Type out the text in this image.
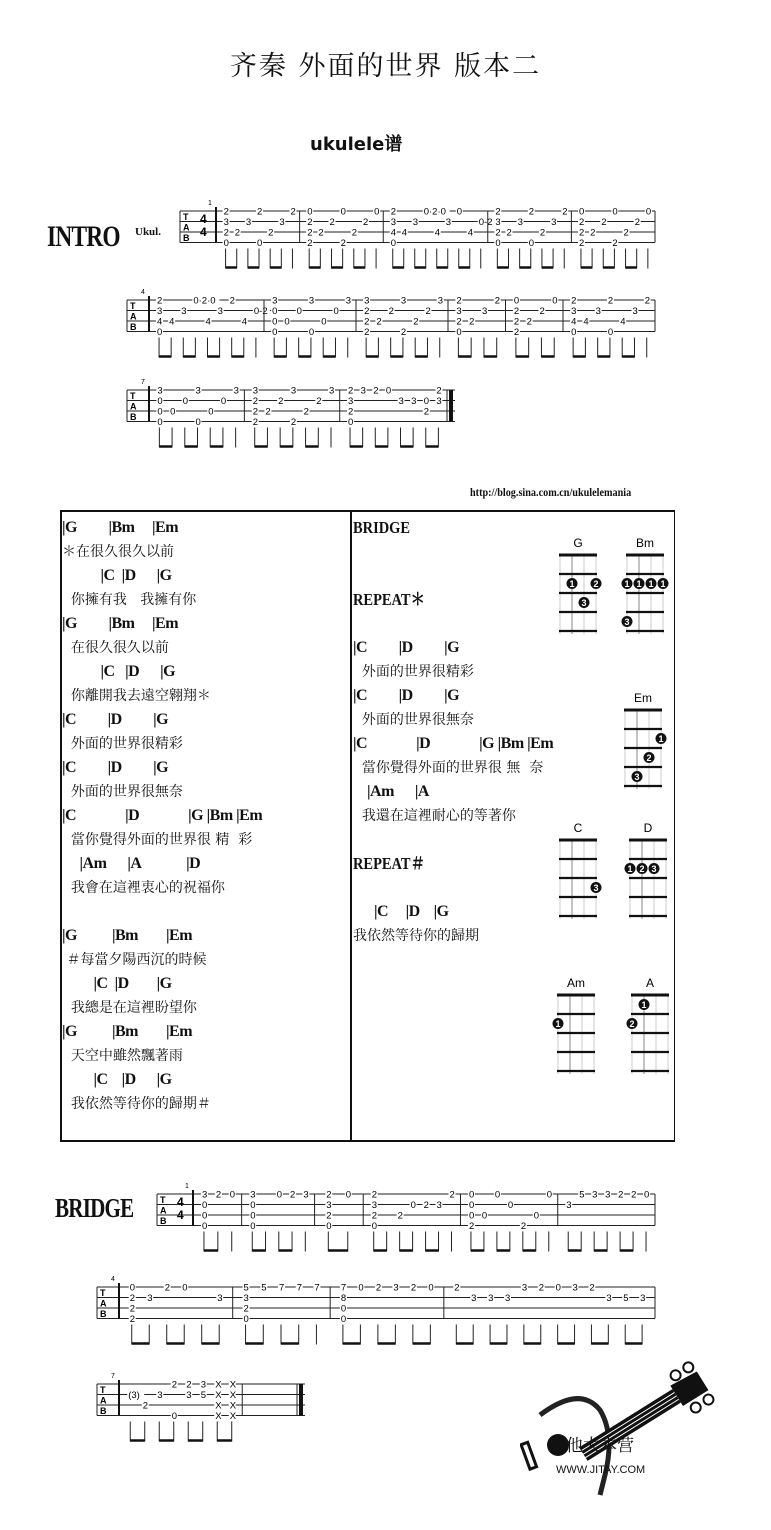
齐秦 外面的世界 版本二
ukulele谱
INTRO Ukul.
http://blog.sina.com.cn/ukulelemania
BRIDGE
T
A
B
4
4
1
2
3
2
0
2
3
2
0
2
3
2 0
2
2
2
2
2
0
2
2
2
0 2
3
4
0
4
3
0·2·0
4
3
0
4
0-2
2
3
2
0
2
3
2
0
2
3
2 0
2
2
2
2
2
0
2
2
2
0
T
A
B
4
2
3
4
0
4
3
0·2·0
4
3
2
4
0-2
3
0
0
0
0
0
3
0
0
0
3 3
2
2
2
2
2
3
2
2
2
3 2
3
2
0
2
3
2 0
2
2
2
2
2
0 2
3
4
0
4
3
2
0
4
3
2
T
A
B
7
3
0
0
0
0
0
3
0
0
0
3 3
2
2
2
2
2
3
2
2
2
3 2
3
2
0
3 2 0
3 3 0
2
2
3
T
A
B
4
4
1
3
0
0
0
2 0 3
0
0
0
0 2 3 2
3
2
0
0 2
3
2
0
2
0 2 3
2 0
0
0
2
0
0
0
2
0
0
3
5 3 3 2 2 0
T
A
B
4
0
2
2
2
3
2 0
3
5
3
2
0
5 7 7 7 7
8
0
0
0 2 3 2 0 2
3 3 3
3 2 0 3 2
3 5 3
T
A
B
7
(3)
2
3
2
0
2
3
3
5
X
X
X
X
X
X
X
X
G
1 2
3
Bm
1 1 1 1
3
Em
1
2
3
C
3
D
1 2 3
Am
1
A
1
2
|G         |Bm     |Em
＊在很久很久以前
|C  |D      |G
你擁有我   我擁有你
|G         |Bm     |Em
在很久很久以前
|C   |D      |G
你離開我去遠空翱翔＊
|C         |D         |G
外面的世界很精彩
|C         |D         |G
外面的世界很無奈
|C              |D              |G |Bm |Em
當你覺得外面的世界很 精  彩
|Am      |A             |D
我會在這裡衷心的祝福你
|G          |Bm        |Em
＃每當夕陽西沉的時候
|C  |D        |G
我總是在這裡盼望你
|G          |Bm        |Em
天空中雖然飄著雨
|C    |D      |G
我依然等待你的歸期＃
BRIDGE
REPEAT＊
|C         |D         |G
外面的世界很精彩
|C         |D         |G
外面的世界很無奈
|C              |D              |G |Bm |Em
當你覺得外面的世界很 無  奈
|Am      |A
我還在這裡耐心的等著你
REPEAT＃
|C     |D    |G
我依然等待你的歸期
吉他大本营
WWW.JITAY.COM
